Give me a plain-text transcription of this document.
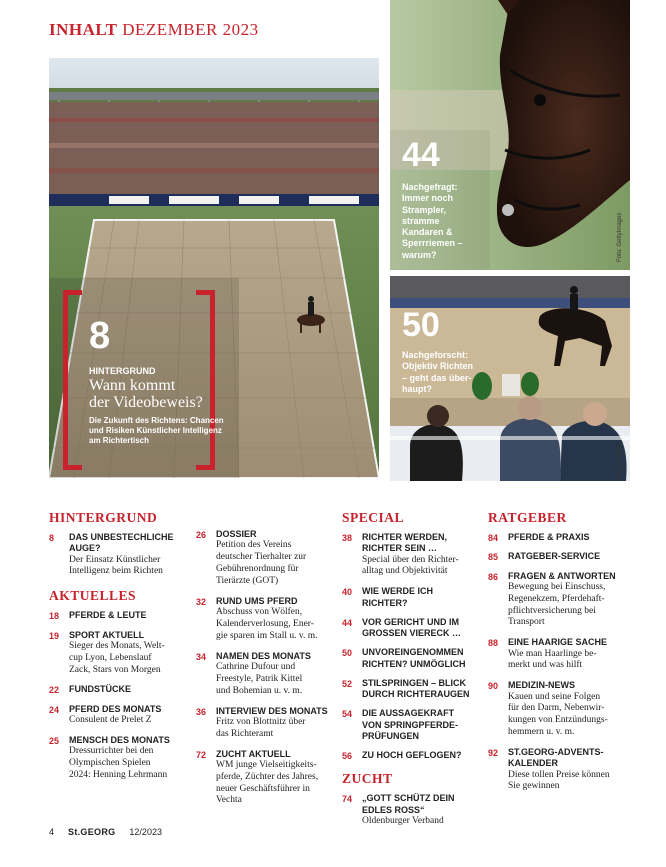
INHALT DEZEMBER 2023
8
HINTERGRUND
Wann kommt
der Videobeweis?
Die Zukunft des Richtens: Chancen
und Risiken Künstlicher Intelligenz
am Richtertisch
44
Nachgefragt:
Immer noch
Strampler,
stramme
Kandaren &
Sperrriemen –
warum?	Foto: GettyImages
50
Nachgeforscht:
Objektiv Richten
– geht das über-
haupt?
Foto: Lafrentz
HINTERGRUND
8	DAS UNBESTECHLICHE
AUGE?
Der Einsatz Künstlicher
Intelligenz beim Richten
AKTUELLES
18	PFERDE & LEUTE
19	SPORT AKTUELL
Sieger des Monats, Welt-
cup Lyon, Lebenslauf
Zack, Stars von Morgen
22	FUNDSTÜCKE
24	PFERD DES MONATS
Consulent de Prelet Z
25	MENSCH DES MONATS
Dressurrichter bei den
Olympischen Spielen
2024: Henning Lehrmann
26	DOSSIER
Petition des Vereins
deutscher Tierhalter zur
Gebührenordnung für
Tierärzte (GOT)
32	RUND UMS PFERD
Abschuss von Wölfen,
Kalenderverlosung, Ener-
gie sparen im Stall u. v. m.
34	NAMEN DES MONATS
Cathrine Dufour und
Freestyle, Patrik Kittel
und Bohemian u. v. m.
36	INTERVIEW DES MONATS
Fritz von Blottnitz über
das Richteramt
72	ZUCHT AKTUELL
WM junge Vielseitigkeits-
pferde, Züchter des Jahres,
neuer Geschäftsführer in
Vechta
SPECIAL
38	RICHTER WERDEN,
RICHTER SEIN …
Special über den Richter-
alltag und Objektivität
40	WIE WERDE ICH RICHTER?
44	VOR GERICHT UND IM
GROSSEN VIERECK …
50	UNVOREINGENOMMEN
RICHTEN? UNMÖGLICH
52	STILSPRINGEN – BLICK
DURCH RICHTERAUGEN
54	DIE AUSSAGEKRAFT
VON SPRINGPFERDE-
PRÜFUNGEN
56	ZU HOCH GEFLOGEN?
ZUCHT
74	„GOTT SCHÜTZ DEIN
EDLES ROSS“
Oldenburger Verband
RATGEBER
84	PFERDE & PRAXIS
85	RATGEBER-SERVICE
86	FRAGEN & ANTWORTEN
Bewegung bei Einschuss,
Regenekzem, Pferdehaft-
pflichtversicherung bei
Transport
88	EINE HAARIGE SACHE
Wie man Haarlinge be-
merkt und was hilft
90	MEDIZIN-NEWS
Kauen und seine Folgen
für den Darm, Nebenwir-
kungen von Entzündungs-
hemmern u. v. m.
92	ST.GEORG-ADVENTS-
KALENDER
Diese tollen Preise können
Sie gewinnen
4 St.GEORG 12/2023
